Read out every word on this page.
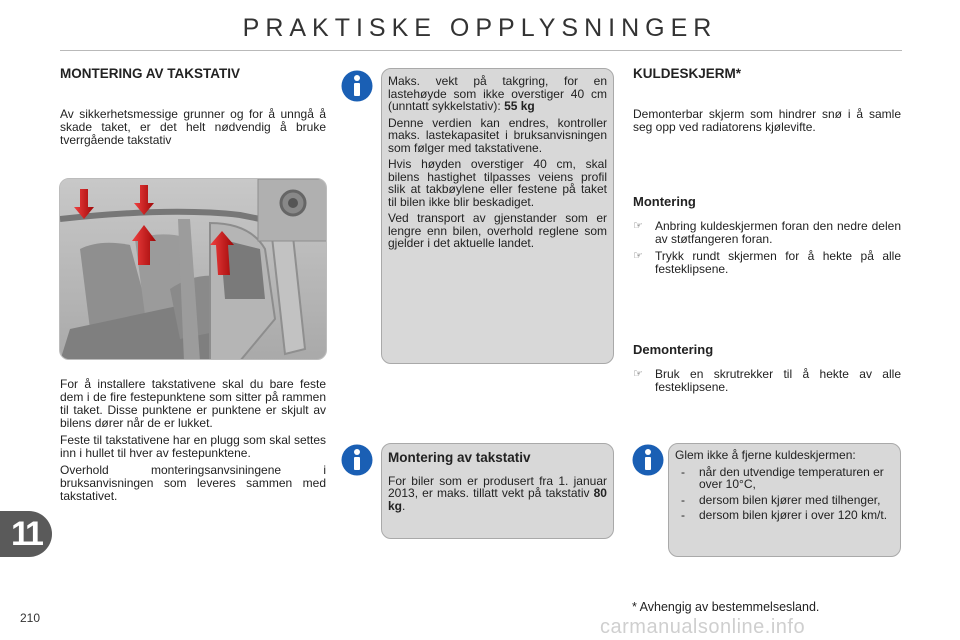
PRAKTISKE OPPLYSNINGER
MONTERING AV TAKSTATIV
Av sikkerhetsmessige grunner og for å unngå å skade taket, er det helt nødvendig å bruke tverrgående takstativ

For å installere takstativene skal du bare feste dem i de fire festepunktene som sitter på rammen til taket. Disse punktene er punktene er skjult av bilens dører når de er lukket.

Feste til takstativene har en plugg som skal settes inn i hullet til hver av festepunktene.

Overhold monteringsanvsiningene i bruksanvisningen som leveres sammen med takstativet.

Maks. vekt på takgring, for en lastehøyde som ikke overstiger 40 cm (unntatt sykkelstativ): 55 kg

Denne verdien kan endres, kontroller maks. lastekapasitet i bruksanvisningen som følger med takstativene.

Hvis høyden overstiger 40 cm, skal bilens hastighet tilpasses veiens profil slik at takbøylene eller festene på taket til bilen ikke blir beskadiget.

Ved transport av gjenstander som er lengre enn bilen, overhold reglene som gjelder i det aktuelle landet.

Montering av takstativ

For biler som er produsert fra 1. januar 2013, er maks. tillatt vekt på takstativ 80 kg.

KULDESKJERM*
Demonterbar skjerm som hindrer snø i å samle seg opp ved radiatorens kjølevifte.
Montering
☞ Anbring kuldeskjermen foran den nedre delen av støtfangeren foran.
☞ Trykk rundt skjermen for å hekte på alle festeklipsene.
Demontering
☞ Bruk en skrutrekker til å hekte av alle festeklipsene.

Glem ikke å fjerne kuldeskjermen:

- når den utvendige temperaturen er over 10°C,
- dersom bilen kjører med tilhenger,
- dersom bilen kjører i over 120 km/t.
11
210
* Avhengig av bestemmelsesland.
carmanualsonline.info
